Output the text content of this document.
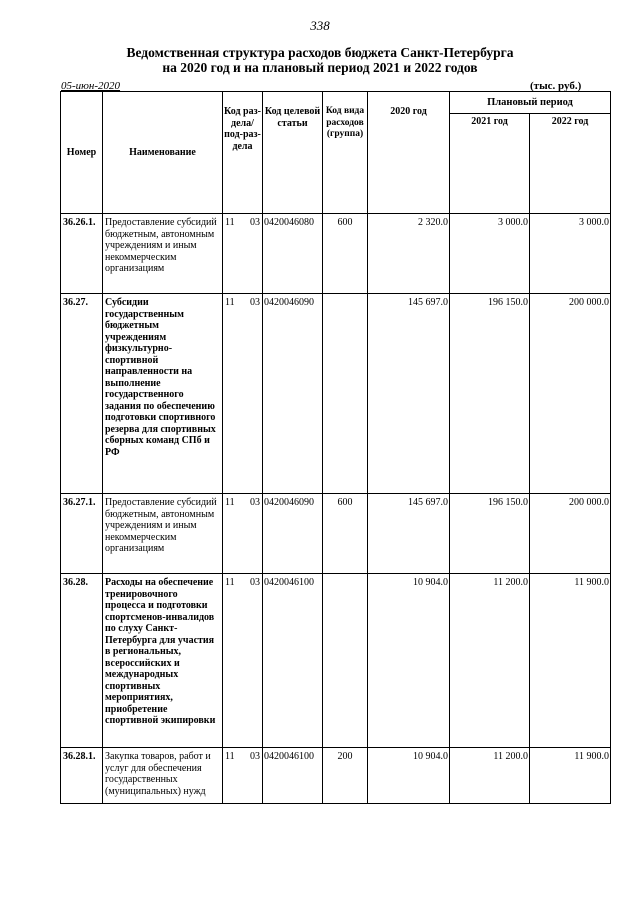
338
Ведомственная структура расходов бюджета Санкт-Петербурга
на 2020 год и на плановый период 2021 и 2022 годов
05-июн-2020	(тыс. руб.)
Номер	Наименование	Код раз-дела/ под-раз-дела	Код целевой статьи	Код вида расходов (группа)	2020 год	Плановый период	
						2021 год	2022 год
36.26.1.	Предоставление субсидий бюджетным, автономным учреждениям и иным некоммерческим организациям	11 03	0420046080	600	2 320.0	3 000.0	3 000.0
36.27.	Субсидии государственным бюджетным учреждениям физкультурно-спортивной направленности на выполнение государственного задания по обеспечению подготовки спортивного резерва для спортивных сборных команд СПб и РФ	11 03	0420046090		145 697.0	196 150.0	200 000.0
36.27.1.	Предоставление субсидий бюджетным, автономным учреждениям и иным некоммерческим организациям	11 03	0420046090	600	145 697.0	196 150.0	200 000.0
36.28.	Расходы на обеспечение тренировочного процесса и подготовки спортсменов-инвалидов по слуху Санкт-Петербурга для участия в региональных, всероссийских и международных спортивных мероприятиях, приобретение спортивной экипировки	11 03	0420046100		10 904.0	11 200.0	11 900.0
36.28.1.	Закупка товаров, работ и услуг для обеспечения государственных (муниципальных) нужд	11 03	0420046100	200	10 904.0	11 200.0	11 900.0
